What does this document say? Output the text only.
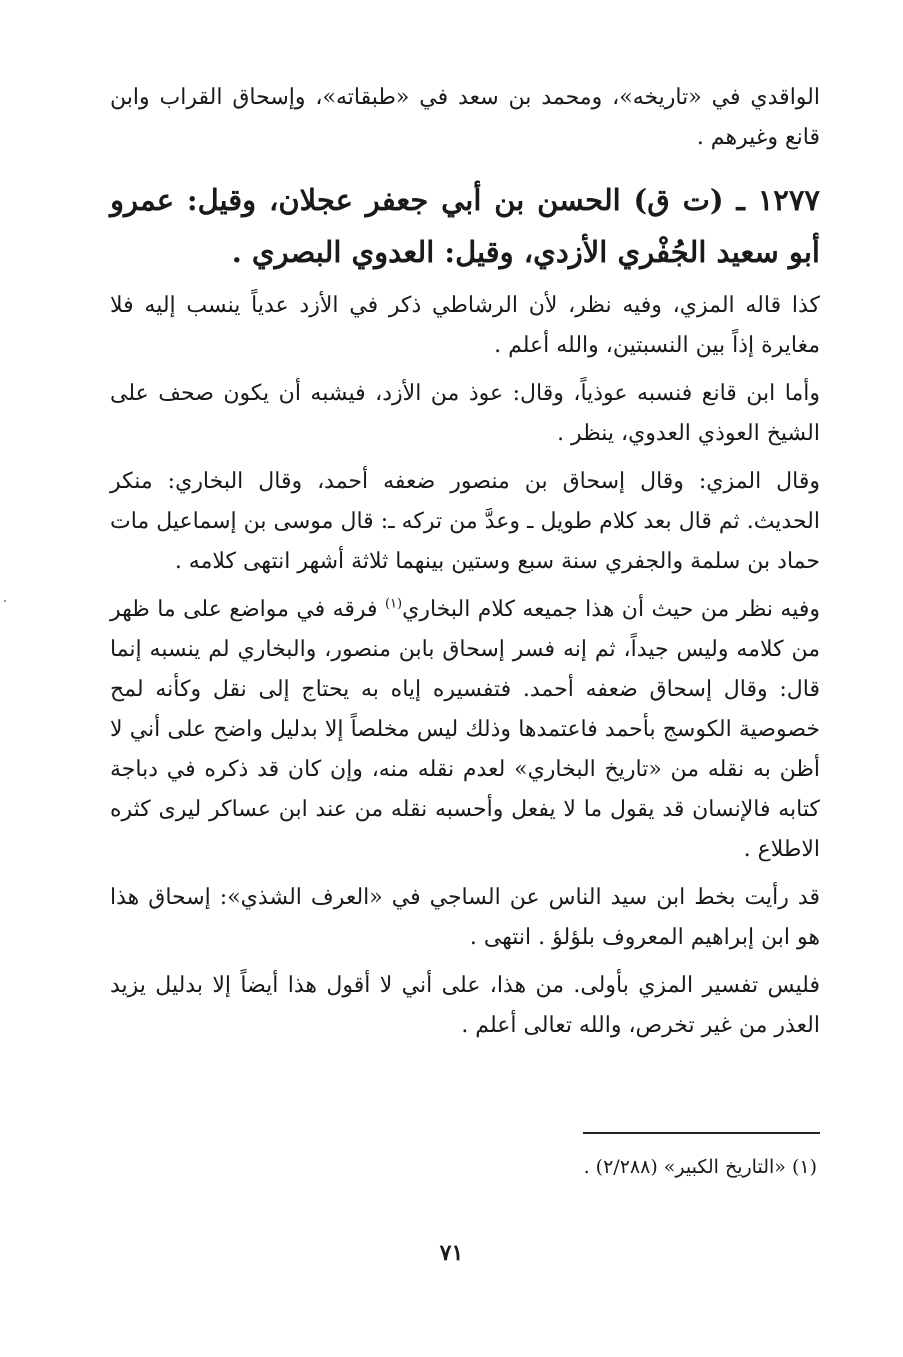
الواقدي في «تاريخه»، ومحمد بن سعد في «طبقاته»، وإسحاق القراب وابن قانع وغيرهم .

١٢٧٧ ـ (ت ق) الحسن بن أبي جعفر عجلان، وقيل: عمرو أبو سعيد الجُفْري الأزدي، وقيل: العدوي البصري .

كذا قاله المزي، وفيه نظر، لأن الرشاطي ذكر في الأزد عدياً ينسب إليه فلا مغايرة إذاً بين النسبتين، والله أعلم .

وأما ابن قانع فنسبه عوذياً، وقال: عوذ من الأزد، فيشبه أن يكون صحف على الشيخ العوذي العدوي، ينظر .

وقال المزي: وقال إسحاق بن منصور ضعفه أحمد، وقال البخاري: منكر الحديث. ثم قال بعد كلام طويل ـ وعدَّ من تركه ـ: قال موسى بن إسماعيل مات حماد بن سلمة والجفري سنة سبع وستين بينهما ثلاثة أشهر انتهى كلامه .

وفيه نظر من حيث أن هذا جميعه كلام البخاري$^{(١)}$ فرقه في مواضع على ما ظهر من كلامه وليس جيداً، ثم إنه فسر إسحاق بابن منصور، والبخاري لم ينسبه إنما قال: وقال إسحاق ضعفه أحمد. فتفسيره إياه به يحتاج إلى نقل وكأنه لمح خصوصية الكوسج بأحمد فاعتمدها وذلك ليس مخلصاً إلا بدليل واضح على أني لا أظن به نقله من «تاريخ البخاري» لعدم نقله منه، وإن كان قد ذكره في دباجة كتابه فالإنسان قد يقول ما لا يفعل وأحسبه نقله من عند ابن عساكر ليرى كثره الاطلاع .

قد رأيت بخط ابن سيد الناس عن الساجي في «العرف الشذي»: إسحاق هذا هو ابن إبراهيم المعروف بلؤلؤ . انتهى .

فليس تفسير المزي بأولى. من هذا، على أني لا أقول هذا أيضاً إلا بدليل يزيد العذر من غير تخرص، والله تعالى أعلم .

(١) «التاريخ الكبير» (٢/٢٨٨) .
٧١
